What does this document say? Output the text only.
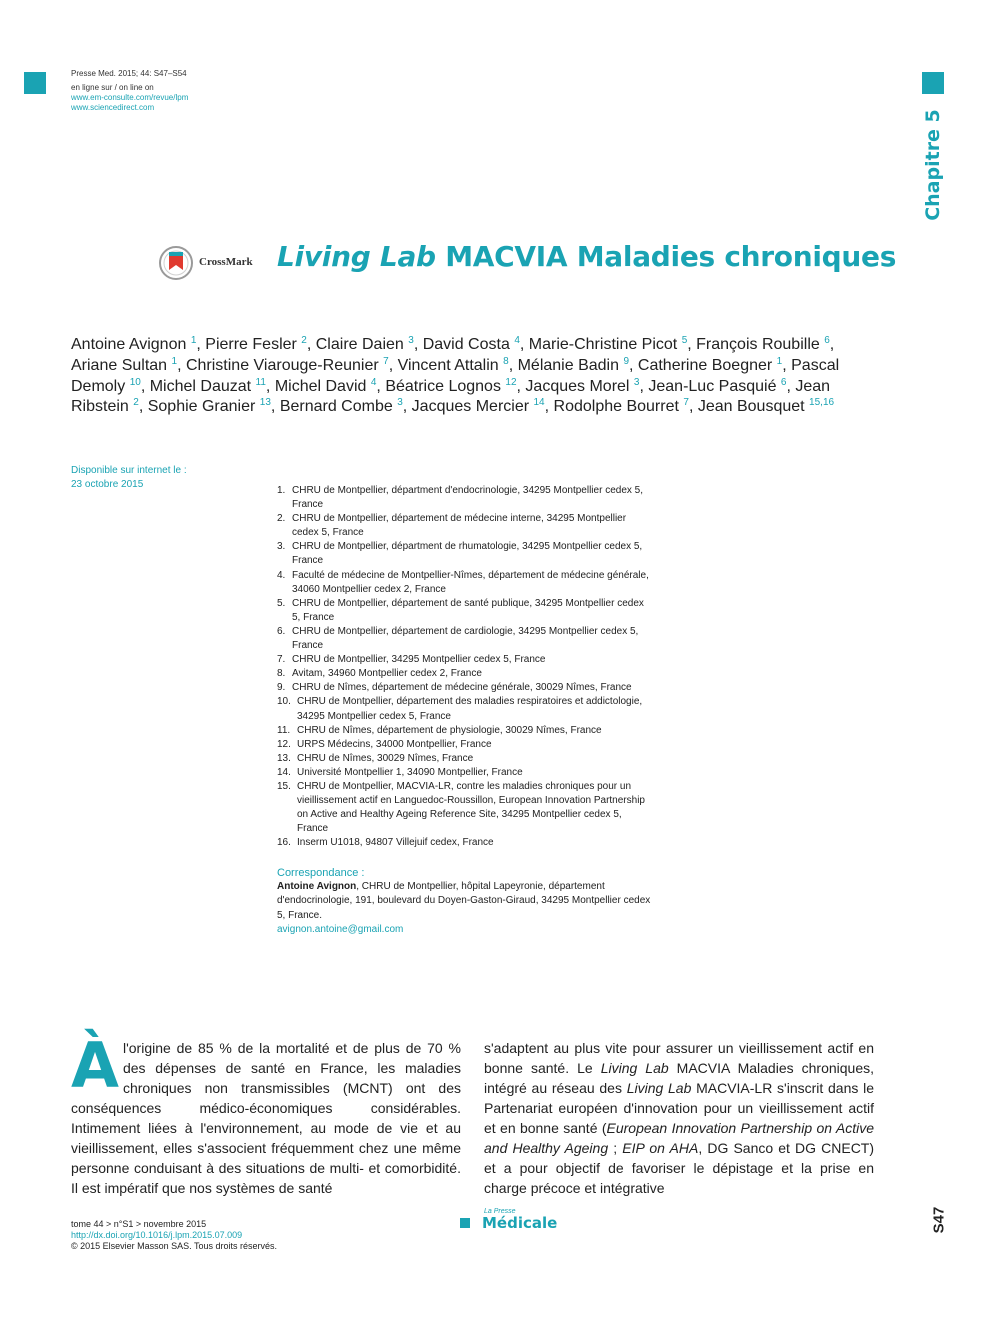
Presse Med. 2015; 44: S47–S54
en ligne sur / on line on
www.em-consulte.com/revue/lpm
www.sciencedirect.com
Chapitre 5
CrossMark Living Lab MACVIA Maladies chroniques
Antoine Avignon $^1$, Pierre Fesler $^2$, Claire Daien $^3$, David Costa $^4$, Marie-Christine Picot $^5$, François Roubille $^6$, Ariane Sultan $^1$, Christine Viarouge-Reunier $^7$, Vincent Attalin $^8$, Mélanie Badin $^9$, Catherine Boegner $^1$, Pascal Demoly $^{10}$, Michel Dauzat $^{11}$, Michel David $^4$, Béatrice Lognos $^{12}$, Jacques Morel $^3$, Jean-Luc Pasquié $^6$, Jean Ribstein $^2$, Sophie Granier $^{13}$, Bernard Combe $^3$, Jacques Mercier $^{14}$, Rodolphe Bourret $^7$, Jean Bousquet $^{15,16}$
Disponible sur internet le :
23 octobre 2015
1. CHRU de Montpellier, départment d'endocrinologie, 34295 Montpellier cedex 5,
France
2. CHRU de Montpellier, département de médecine interne, 34295 Montpellier
cedex 5, France
3. CHRU de Montpellier, départment de rhumatologie, 34295 Montpellier cedex 5,
France
4. Faculté de médecine de Montpellier-Nîmes, département de médecine générale,
34060 Montpellier cedex 2, France
5. CHRU de Montpellier, département de santé publique, 34295 Montpellier cedex
5, France
6. CHRU de Montpellier, département de cardiologie, 34295 Montpellier cedex 5,
France
7. CHRU de Montpellier, 34295 Montpellier cedex 5, France
8. Avitam, 34960 Montpellier cedex 2, France
9. CHRU de Nîmes, département de médecine générale, 30029 Nîmes, France
10. CHRU de Montpellier, département des maladies respiratoires et addictologie,
34295 Montpellier cedex 5, France
11. CHRU de Nîmes, département de physiologie, 30029 Nîmes, France
12. URPS Médecins, 34000 Montpellier, France
13. CHRU de Nîmes, 30029 Nîmes, France
14. Université Montpellier 1, 34090 Montpellier, France
15. CHRU de Montpellier, MACVIA-LR, contre les maladies chroniques pour un
vieillissement actif en Languedoc-Roussillon, European Innovation Partnership
on Active and Healthy Ageing Reference Site, 34295 Montpellier cedex 5,
France
16. Inserm U1018, 94807 Villejuif cedex, France
Correspondance :
Antoine Avignon, CHRU de Montpellier, hôpital Lapeyronie, département
d'endocrinologie, 191, boulevard du Doyen-Gaston-Giraud, 34295 Montpellier cedex
5, France.
avignon.antoine@gmail.com
Àl'origine de 85 % de la mortalité et de plus de 70 % des dépenses de santé en France, les maladies chroniques non transmissibles (MCNT) ont des conséquences médico-économiques considérables. Intimement liées à l'environnement, au mode de vie et au vieillissement, elles s'associent fréquemment chez une même personne conduisant à des situations de multi- et comorbidité. Il est impératif que nos systèmes de santé
s'adaptent au plus vite pour assurer un vieillissement actif en bonne santé. Le Living Lab MACVIA Maladies chroniques, intégré au réseau des Living Lab MACVIA-LR s'inscrit dans le Partenariat européen d'innovation pour un vieillissement actif et en bonne santé (European Innovation Partnership on Active and Healthy Ageing ; EIP on AHA, DG Sanco et DG CNECT) et a pour objectif de favoriser le dépistage et la prise en charge précoce et intégrative
tome 44 > n°S1 > novembre 2015
http://dx.doi.org/10.1016/j.lpm.2015.07.009
© 2015 Elsevier Masson SAS. Tous droits réservés.
La Presse
Médicale	S47
